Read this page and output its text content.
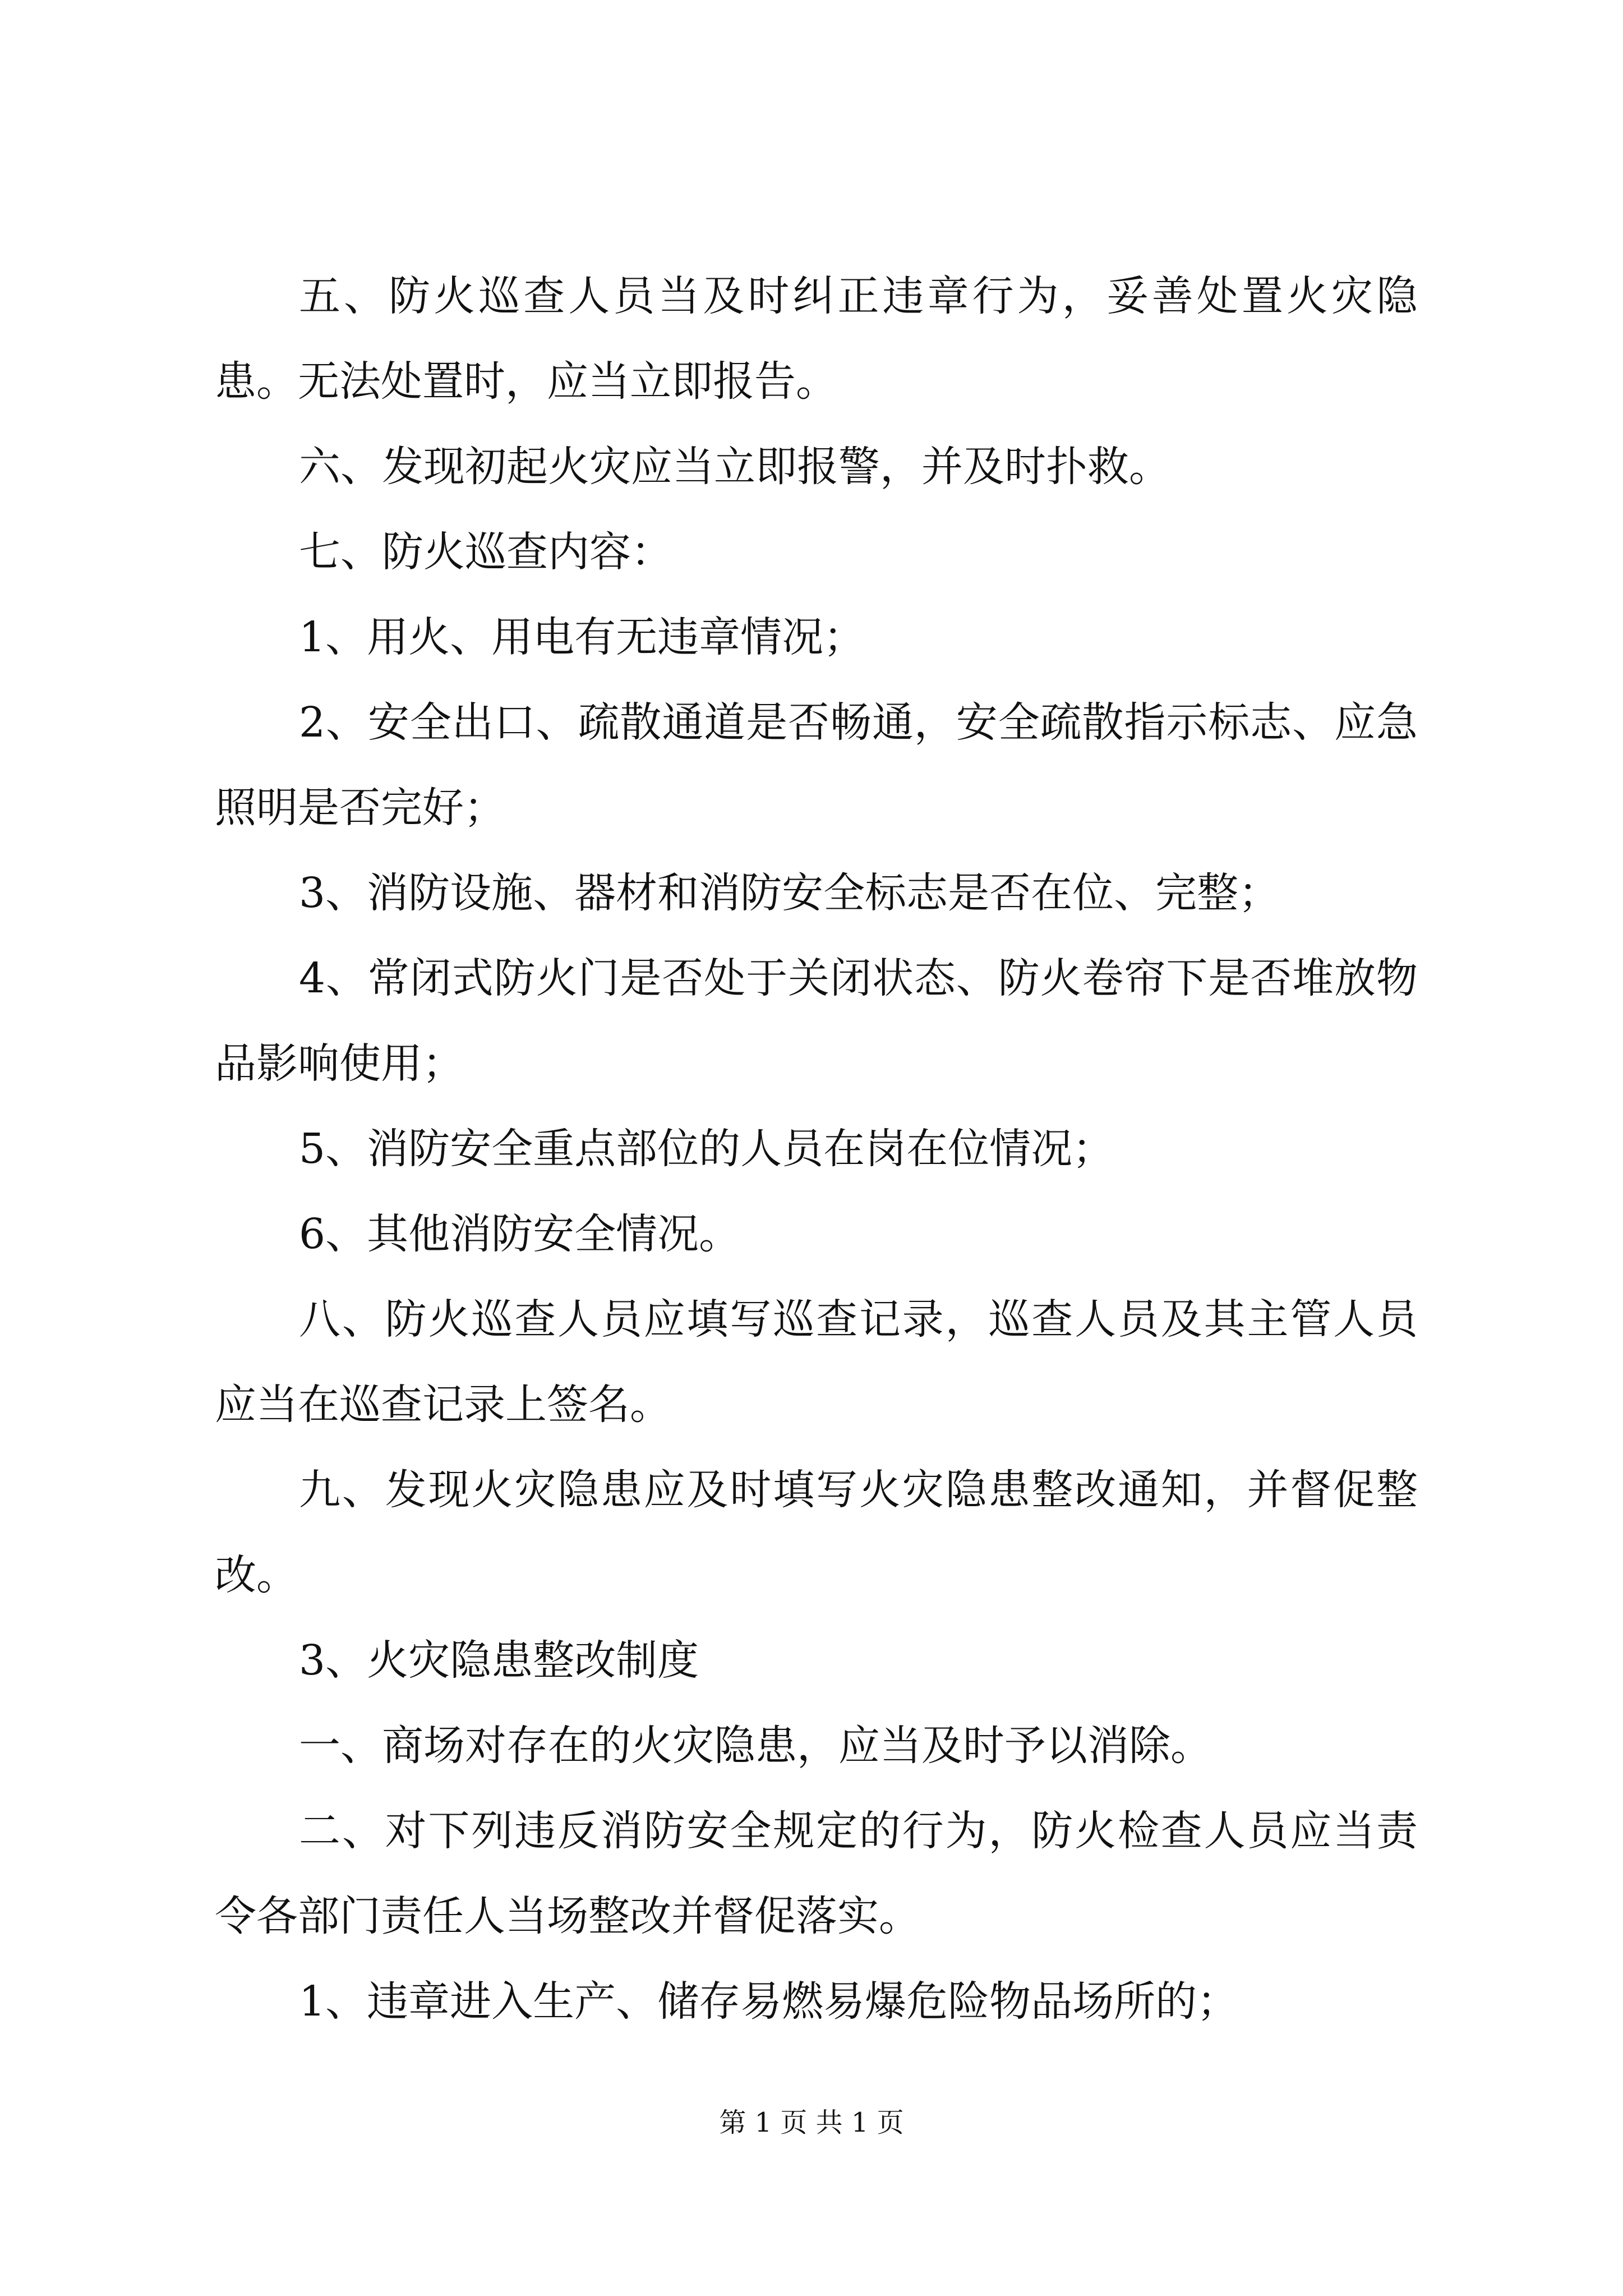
五、防火巡查人员当及时纠正违章行为，妥善处置火灾隐患。无法处置时，应当立即报告。

六、发现初起火灾应当立即报警，并及时扑救。

七、防火巡查内容：

1、用火、用电有无违章情况；

2、安全出口、疏散通道是否畅通，安全疏散指示标志、应急照明是否完好；

3、消防设施、器材和消防安全标志是否在位、完整；

4、常闭式防火门是否处于关闭状态、防火卷帘下是否堆放物品影响使用；

5、消防安全重点部位的人员在岗在位情况；

6、其他消防安全情况。

八、防火巡查人员应填写巡查记录，巡查人员及其主管人员应当在巡查记录上签名。

九、发现火灾隐患应及时填写火灾隐患整改通知，并督促整改。

3、火灾隐患整改制度

一、商场对存在的火灾隐患，应当及时予以消除。

二、对下列违反消防安全规定的行为，防火检查人员应当责令各部门责任人当场整改并督促落实。

1、违章进入生产、储存易燃易爆危险物品场所的；

第 1 页 共 1 页
